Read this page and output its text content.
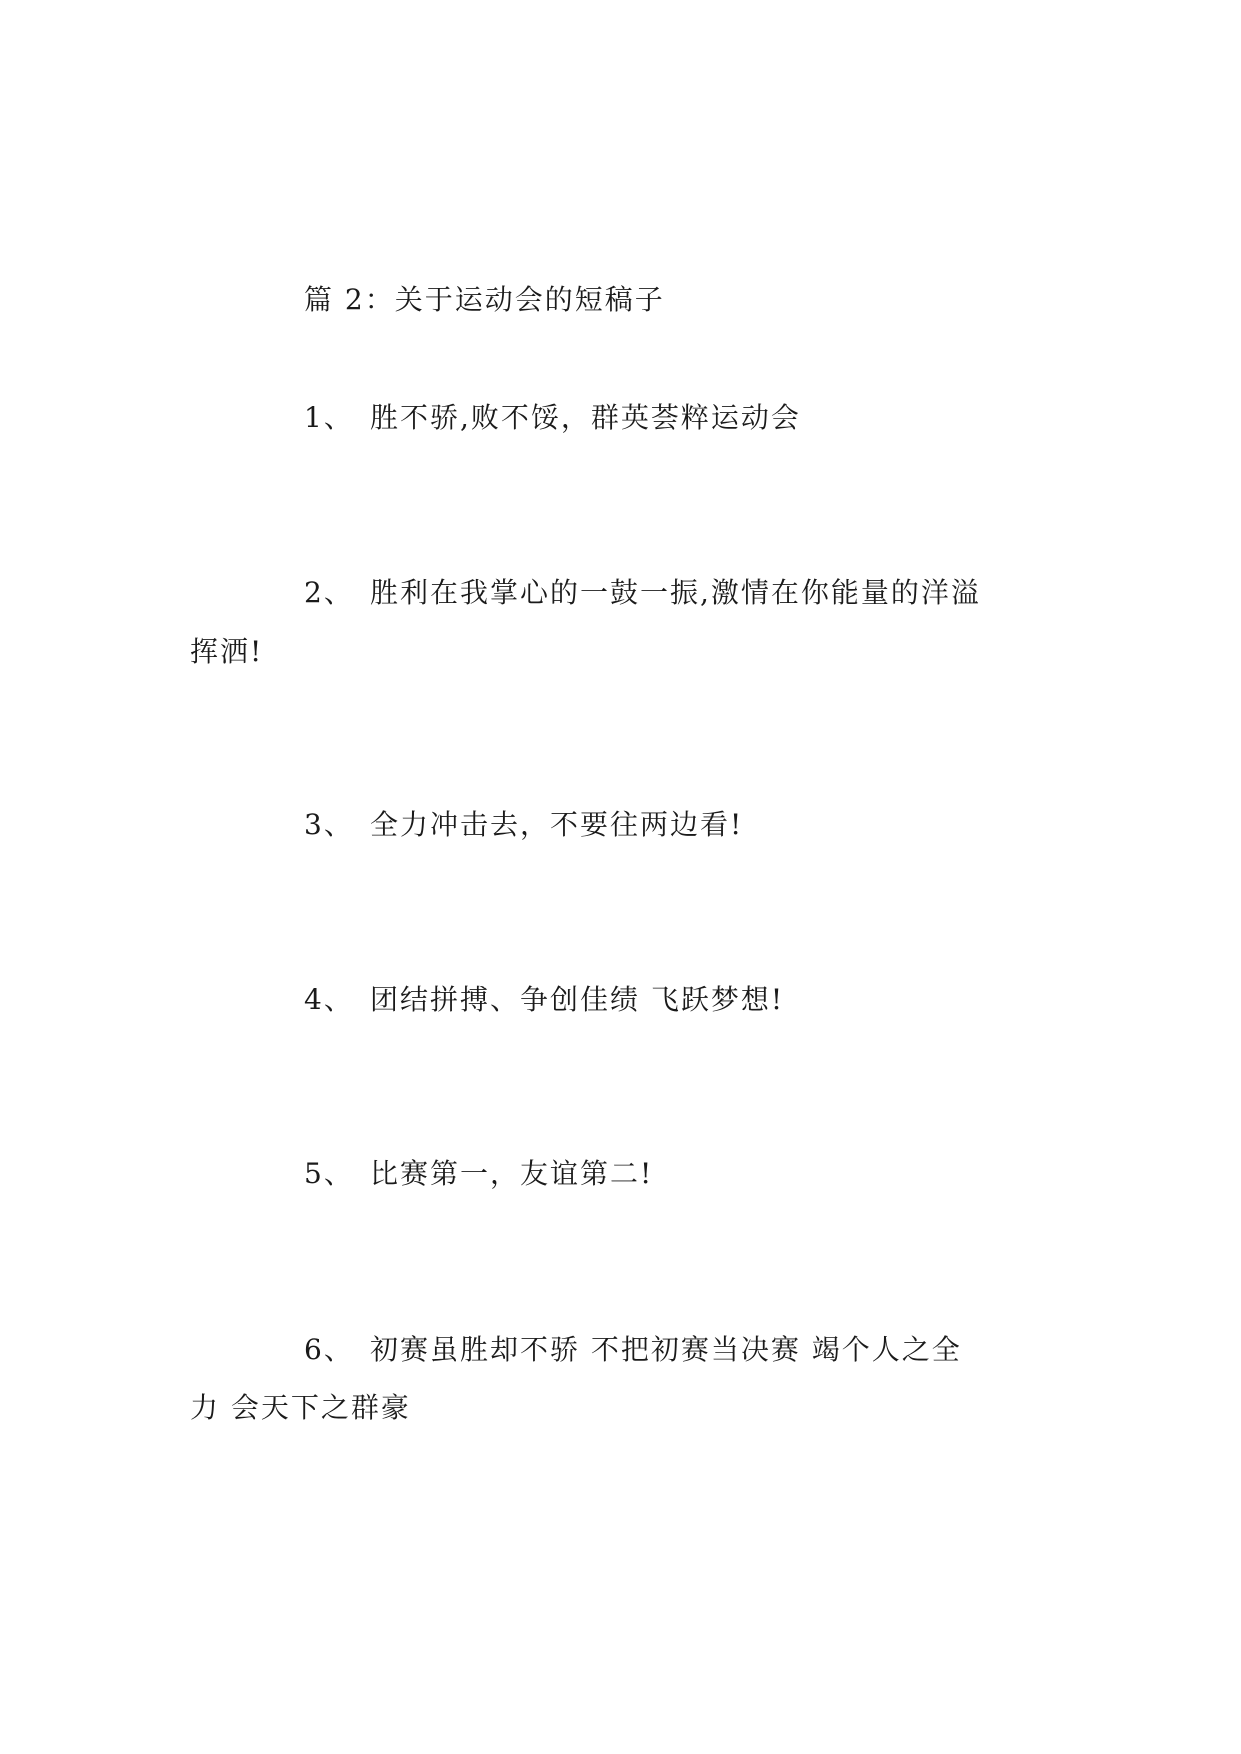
篇 2：关于运动会的短稿子
1、 胜不骄,败不馁，群英荟粹运动会
2、 胜利在我掌心的一鼓一振,激情在你能量的洋溢
挥洒!
3、 全力冲击去，不要往两边看!
4、 团结拼搏、争创佳绩 飞跃梦想!
5、 比赛第一，友谊第二!
6、 初赛虽胜却不骄 不把初赛当决赛 竭个人之全
力 会天下之群豪
